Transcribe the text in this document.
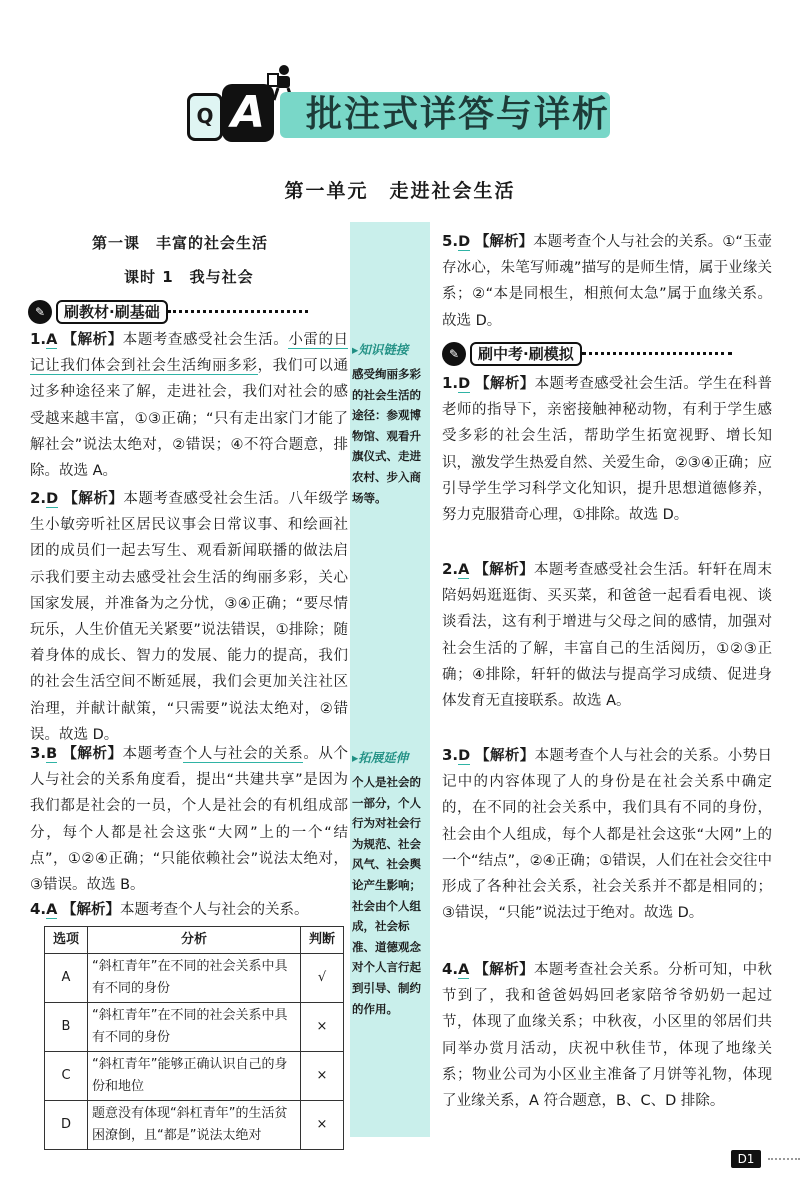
Q A	批注式详答与详析
第一单元　走进社会生活
▸知识链接
感受绚丽多彩的社会生活的途径：参观博物馆、观看升旗仪式、走进农村、步入商场等。
▸拓展延伸
个人是社会的一部分，个人行为对社会行为规范、社会风气、社会舆论产生影响；社会由个人组成，社会标准、道德观念对个人言行起到引导、制约的作用。
第一课　丰富的社会生活
课时 1　我与社会
✎ 刷教材·刷基础
1.A 【解析】本题考查感受社会生活。小雷的日记让我们体会到社会生活绚丽多彩，我们可以通过多种途径来了解，走进社会，我们对社会的感受越来越丰富，①③正确；“只有走出家门才能了解社会”说法太绝对，②错误；④不符合题意，排除。故选 A。
2.D 【解析】本题考查感受社会生活。八年级学生小敏旁听社区居民议事会日常议事、和绘画社团的成员们一起去写生、观看新闻联播的做法启示我们要主动去感受社会生活的绚丽多彩，关心国家发展，并准备为之分忧，③④正确；“要尽情玩乐，人生价值无关紧要”说法错误，①排除；随着身体的成长、智力的发展、能力的提高，我们的社会生活空间不断延展，我们会更加关注社区治理，并献计献策，“只需要”说法太绝对，②错误。故选 D。
3.B 【解析】本题考查个人与社会的关系。从个人与社会的关系角度看，提出“共建共享”是因为我们都是社会的一员，个人是社会的有机组成部分，每个人都是社会这张“大网”上的一个“结点”，①②④正确；“只能依赖社会”说法太绝对，③错误。故选 B。
4.A 【解析】本题考查个人与社会的关系。
选项	分析	判断
A	“斜杠青年”在不同的社会关系中具有不同的身份	√
B	“斜杠青年”在不同的社会关系中具有不同的身份	×
C	“斜杠青年”能够正确认识自己的身份和地位	×
D	题意没有体现“斜杠青年”的生活贫困潦倒，且“都是”说法太绝对	×
5.D 【解析】本题考查个人与社会的关系。①“玉壶存冰心，朱笔写师魂”描写的是师生情，属于业缘关系；②“本是同根生，相煎何太急”属于血缘关系。故选 D。
✎ 刷中考·刷模拟
1.D 【解析】本题考查感受社会生活。学生在科普老师的指导下，亲密接触神秘动物，有利于学生感受多彩的社会生活，帮助学生拓宽视野、增长知识，激发学生热爱自然、关爱生命，②③④正确；应引导学生学习科学文化知识，提升思想道德修养，努力克服猎奇心理，①排除。故选 D。
2.A 【解析】本题考查感受社会生活。轩轩在周末陪妈妈逛逛街、买买菜，和爸爸一起看看电视、谈谈看法，这有利于增进与父母之间的感情，加强对社会生活的了解，丰富自己的生活阅历，①②③正确；④排除，轩轩的做法与提高学习成绩、促进身体发育无直接联系。故选 A。
3.D 【解析】本题考查个人与社会的关系。小势日记中的内容体现了人的身份是在社会关系中确定的，在不同的社会关系中，我们具有不同的身份，社会由个人组成，每个人都是社会这张“大网”上的一个“结点”，②④正确；①错误，人们在社会交往中形成了各种社会关系，社会关系并不都是相同的；③错误，“只能”说法过于绝对。故选 D。
4.A 【解析】本题考查社会关系。分析可知，中秋节到了，我和爸爸妈妈回老家陪爷爷奶奶一起过节，体现了血缘关系；中秋夜，小区里的邻居们共同举办赏月活动，庆祝中秋佳节，体现了地缘关系；物业公司为小区业主准备了月饼等礼物，体现了业缘关系，A 符合题意，B、C、D 排除。
D1
